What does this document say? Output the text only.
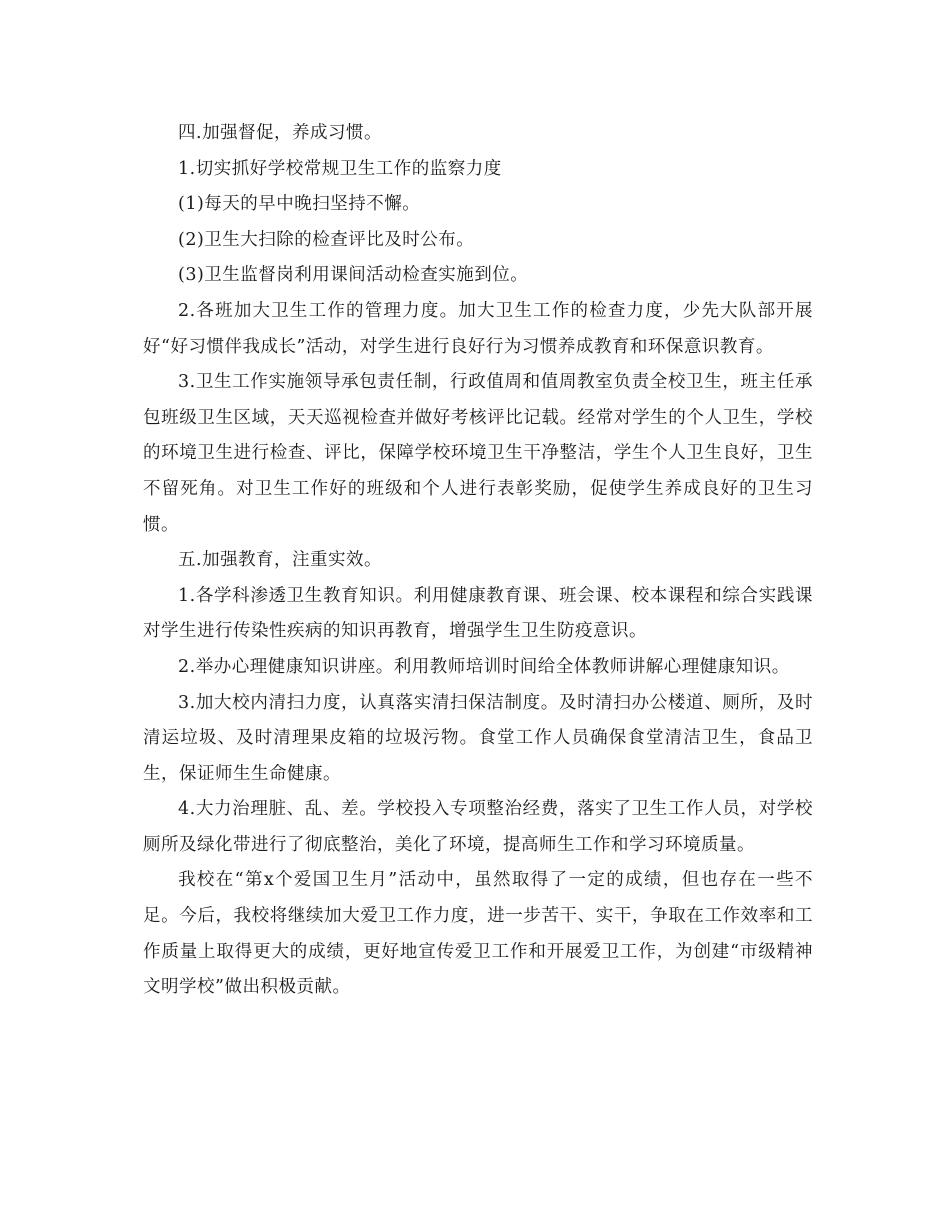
四.加强督促，养成习惯。

1.切实抓好学校常规卫生工作的监察力度

(1)每天的早中晚扫坚持不懈。

(2)卫生大扫除的检查评比及时公布。

(3)卫生监督岗利用课间活动检查实施到位。

2.各班加大卫生工作的管理力度。加大卫生工作的检查力度，少先大队部开展好“好习惯伴我成长”活动，对学生进行良好行为习惯养成教育和环保意识教育。

3.卫生工作实施领导承包责任制，行政值周和值周教室负责全校卫生，班主任承包班级卫生区域，天天巡视检查并做好考核评比记载。经常对学生的个人卫生，学校的环境卫生进行检查、评比，保障学校环境卫生干净整洁，学生个人卫生良好，卫生不留死角。对卫生工作好的班级和个人进行表彰奖励，促使学生养成良好的卫生习惯。

五.加强教育，注重实效。

1.各学科渗透卫生教育知识。利用健康教育课、班会课、校本课程和综合实践课对学生进行传染性疾病的知识再教育，增强学生卫生防疫意识。

2.举办心理健康知识讲座。利用教师培训时间给全体教师讲解心理健康知识。

3.加大校内清扫力度，认真落实清扫保洁制度。及时清扫办公楼道、厕所，及时清运垃圾、及时清理果皮箱的垃圾污物。食堂工作人员确保食堂清洁卫生，食品卫生，保证师生生命健康。

4.大力治理脏、乱、差。学校投入专项整治经费，落实了卫生工作人员，对学校厕所及绿化带进行了彻底整治，美化了环境，提高师生工作和学习环境质量。

我校在“第x个爱国卫生月”活动中，虽然取得了一定的成绩，但也存在一些不足。今后，我校将继续加大爱卫工作力度，进一步苦干、实干，争取在工作效率和工作质量上取得更大的成绩，更好地宣传爱卫工作和开展爱卫工作，为创建“市级精神文明学校”做出积极贡献。
